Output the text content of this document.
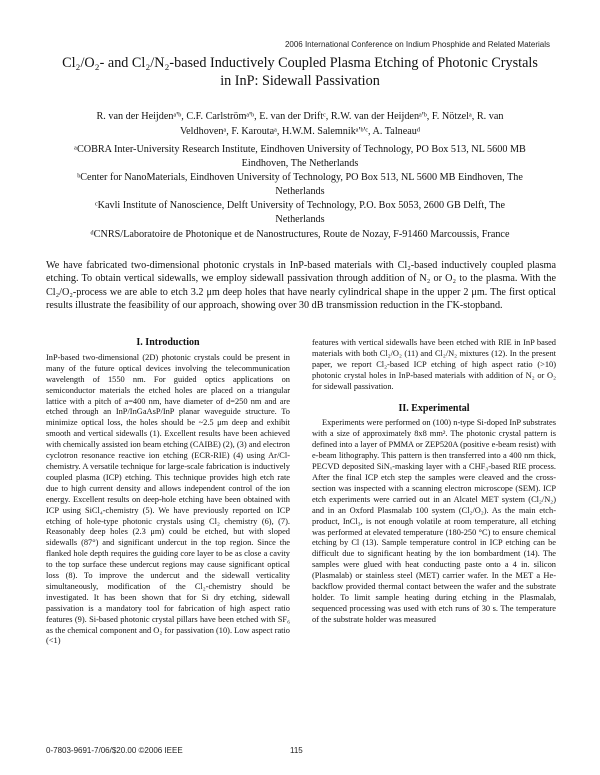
2006 International Conference on Indium Phosphide and Related Materials
Cl₂/O₂- and Cl₂/N₂-based Inductively Coupled Plasma Etching of Photonic Crystals
in InP: Sidewall Passivation
R. van der Heijdenᵃ'ᵇ, C.F. Carlströmᵃ'ᵇ, E. van der Driftᶜ, R.W. van der Heijdenᵃ'ᵇ, F. Nötzelᵃ, R. van
Veldhovenᵃ, F. Karoutaᵃ, H.W.M. Salemnikᵃ'ᵇ'ᶜ, A. Talneauᵈ
ᵃCOBRA Inter-University Research Institute, Eindhoven University of Technology, PO Box 513, NL 5600 MB
Eindhoven, The Netherlands
ᵇCenter for NanoMaterials, Eindhoven University of Technology, PO Box 513, NL 5600 MB Eindhoven, The
Netherlands
ᶜKavli Institute of Nanoscience, Delft University of Technology, P.O. Box 5053, 2600 GB Delft, The
Netherlands
ᵈCNRS/Laboratoire de Photonique et de Nanostructures, Route de Nozay, F-91460 Marcoussis, France
We have fabricated two-dimensional photonic crystals in InP-based materials with Cl₂-based inductively coupled plasma etching. To obtain vertical sidewalls, we employ sidewall passivation through addition of N₂ or O₂ to the plasma. With the Cl₂/O₂-process we are able to etch 3.2 μm deep holes that have nearly cylindrical shape in the upper 2 μm. The first optical results illustrate the feasibility of our approach, showing over 30 dB transmission reduction in the ΓK-stopband.
I. Introduction

InP-based two-dimensional (2D) photonic crystals could be present in many of the future optical devices involving the telecommunication wavelength of 1550 nm. For guided optics applications on semiconductor materials the etched holes are placed on a triangular lattice with a pitch of a=400 nm, have diameter of d=250 nm and are etched through an InP/InGaAsP/InP planar waveguide structure. To minimize optical loss, the holes should be ~2.5 μm deep and exhibit smooth and vertical sidewalls (1). Excellent results have been achieved with chemically assisted ion beam etching (CAIBE) (2), (3) and electron cyclotron resonance reactive ion etching (ECR-RIE) (4) using Ar/Cl-chemistry. A versatile technique for large-scale fabrication is inductively coupled plasma (ICP) etching. This technique provides high etch rate due to high current density and allows independent control of the ion energy. Excellent results on deep-hole etching have been obtained with ICP using SiCl₄-chemistry (5). We have previously reported on ICP etching of hole-type photonic crystals using Cl₂ chemistry (6), (7). Reasonably deep holes (2.3 μm) could be etched, but with sloped sidewalls (87°) and significant undercut in the top region. Since the flanked hole depth requires the guiding core layer to be as close a cavity to the top surface these undercut regions may cause significant optical loss (8). To improve the undercut and the sidewall verticality simultaneously, modification of the Cl₂-chemistry should be investigated. It has been shown that for Si dry etching, sidewall passivation is a mandatory tool for fabrication of high aspect ratio features (9). Si-based photonic crystal pillars have been etched with SF₆ as the chemical component and O₂ for passivation (10). Low aspect ratio (<1)

features with vertical sidewalls have been etched with RIE in InP based materials with both Cl₂/O₂ (11) and Cl₂/N₂ mixtures (12). In the present paper, we report Cl₂-based ICP etching of high aspect ratio (>10) photonic crystal holes in InP-based materials with addition of N₂ or O₂ for sidewall passivation.

II. Experimental

Experiments were performed on (100) n-type Si-doped InP substrates with a size of approximately 8x8 mm². The photonic crystal pattern is defined into a layer of PMMA or ZEP520A (positive e-beam resist) with e-beam lithography. This pattern is then transferred into a 400 nm thick, PECVD deposited SiNₓ-masking layer with a CHF₃-based RIE process. After the final ICP etch step the samples were cleaved and the cross-section was inspected with a scanning electron microscope (SEM). ICP etch experiments were carried out in an Alcatel MET system (Cl₂/N₂) and in an Oxford Plasmalab 100 system (Cl₂/O₂). As the main etch-product, InCl₃, is not enough volatile at room temperature, all etching was performed at elevated temperature (180-250 °C) to ensure chemical etching by Cl (13). Sample temperature control in ICP etching can be difficult due to significant heating by the ion bombardment (14). The samples were glued with heat conducting paste onto a 4 in. silicon (Plasmalab) or stainless steel (MET) carrier wafer. In the MET a He-backflow provided thermal contact between the wafer and the substrate holder. To limit sample heating during etching in the Plasmalab, sequenced processing was used with etch runs of 30 s. The temperature of the substrate holder was measured

0-7803-9691-7/06/$20.00 ©2006 IEEE	115
